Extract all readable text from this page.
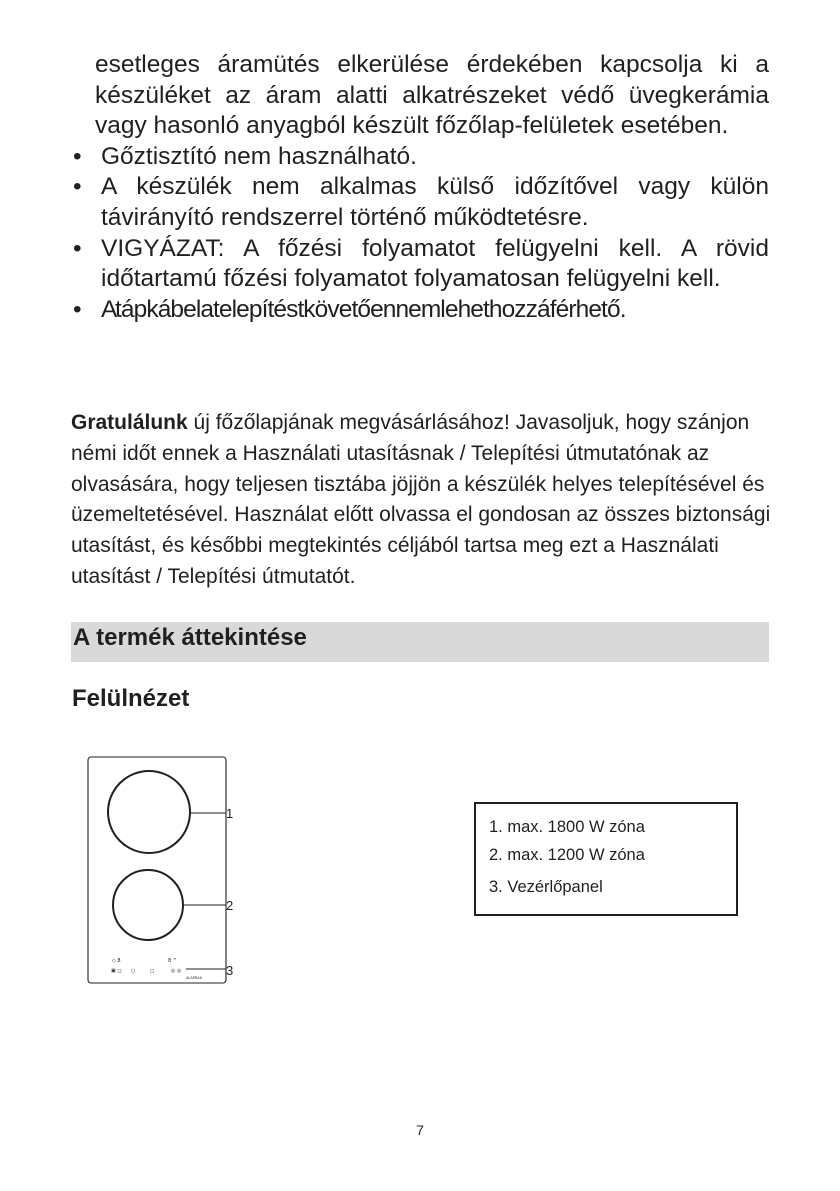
esetleges áramütés elkerülése érdekében kapcsolja ki a készüléket az áram alatti alkatrészeket védő üvegkerámia vagy hasonló anyagból készült főzőlap-felületek esetében.
• Gőztisztító nem használható.
• A készülék nem alkalmas külső időzítővel vagy külön távirányító rendszerrel történő működtetésre.
• VIGYÁZAT: A főzési folyamatot felügyelni kell. A rövid időtartamú főzési folyamatot folyamatosan felügyelni kell.
• A tápkábel a telepítést követően nem lehet hozzáférhető.
Gratulálunk új főzőlapjának megvásárlásához! Javasoljuk, hogy szánjon némi időt ennek a Használati utasításnak / Telepítési útmutatónak az olvasására, hogy teljesen tisztába jöjjön a készülék helyes telepítésével és üzemeltetésével. Használat előtt olvassa el gondosan az összes biztonsági utasítást, és későbbi megtekintés céljából tartsa meg ezt a Használati utasítást / Telepítési útmutatót.
A termék áttekintése
Felülnézet
◇ 8	8 ^
▣ ◻ ○	◻	◎ ◎
ALAPRAX
1
2
3
1. max. 1800 W zóna
2. max. 1200 W zóna
3. Vezérlőpanel
7
